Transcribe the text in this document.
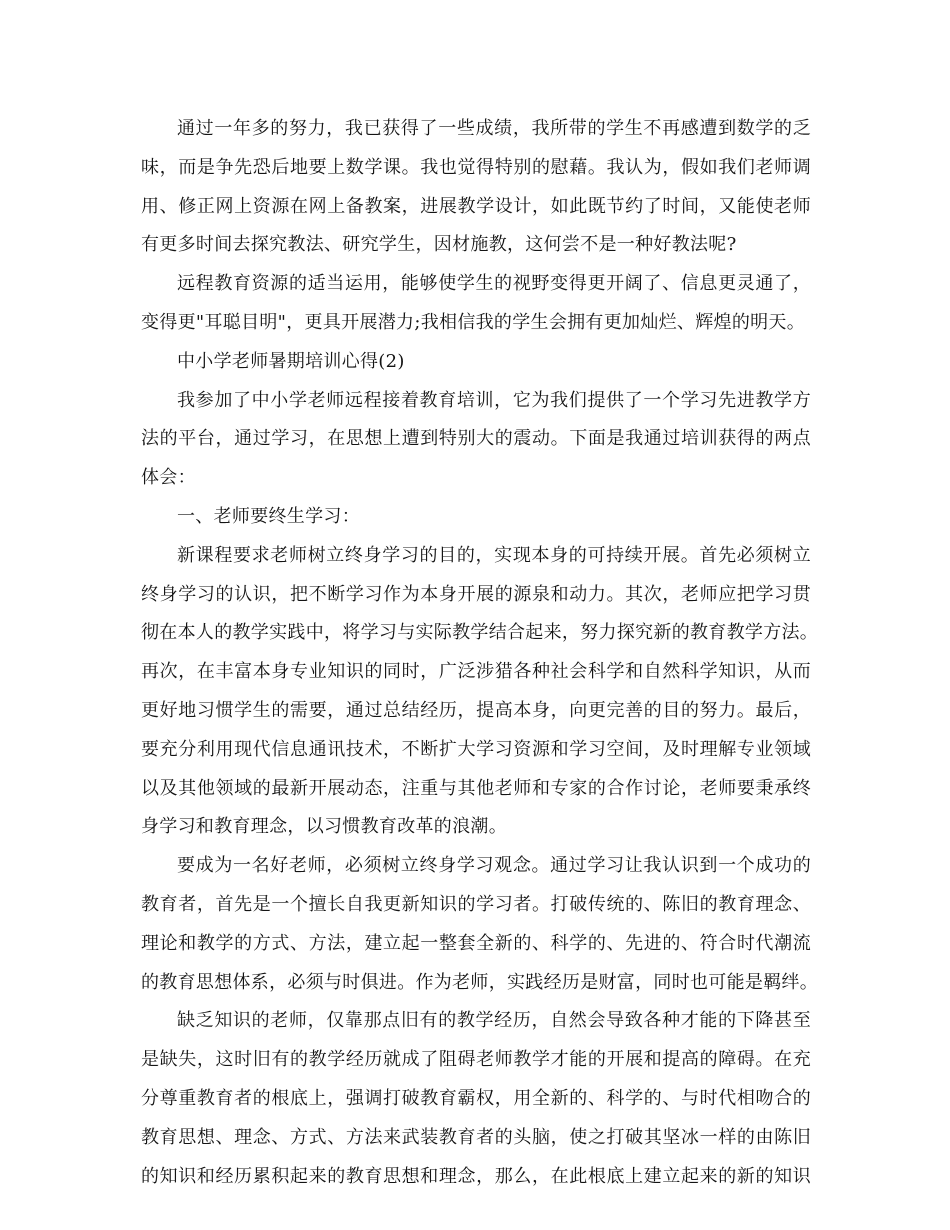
通过一年多的努力，我已获得了一些成绩，我所带的学生不再感遭到数学的乏
味，而是争先恐后地要上数学课。我也觉得特别的慰藉。我认为，假如我们老师调
用、修正网上资源在网上备教案，进展教学设计，如此既节约了时间，又能使老师
有更多时间去探究教法、研究学生，因材施教，这何尝不是一种好教法呢?
远程教育资源的适当运用，能够使学生的视野变得更开阔了、信息更灵通了，
变得更"耳聪目明"，更具开展潜力;我相信我的学生会拥有更加灿烂、辉煌的明天。
中小学老师暑期培训心得(2)
我参加了中小学老师远程接着教育培训，它为我们提供了一个学习先进教学方
法的平台，通过学习，在思想上遭到特别大的震动。下面是我通过培训获得的两点
体会：
一、老师要终生学习：
新课程要求老师树立终身学习的目的，实现本身的可持续开展。首先必须树立
终身学习的认识，把不断学习作为本身开展的源泉和动力。其次，老师应把学习贯
彻在本人的教学实践中，将学习与实际教学结合起来，努力探究新的教育教学方法。
再次，在丰富本身专业知识的同时，广泛涉猎各种社会科学和自然科学知识，从而
更好地习惯学生的需要，通过总结经历，提高本身，向更完善的目的努力。最后，
要充分利用现代信息通讯技术，不断扩大学习资源和学习空间，及时理解专业领域
以及其他领域的最新开展动态，注重与其他老师和专家的合作讨论，老师要秉承终
身学习和教育理念，以习惯教育改革的浪潮。
要成为一名好老师，必须树立终身学习观念。通过学习让我认识到一个成功的
教育者，首先是一个擅长自我更新知识的学习者。打破传统的、陈旧的教育理念、
理论和教学的方式、方法，建立起一整套全新的、科学的、先进的、符合时代潮流
的教育思想体系，必须与时俱进。作为老师，实践经历是财富，同时也可能是羁绊。
缺乏知识的老师，仅靠那点旧有的教学经历，自然会导致各种才能的下降甚至
是缺失，这时旧有的教学经历就成了阻碍老师教学才能的开展和提高的障碍。在充
分尊重教育者的根底上，强调打破教育霸权，用全新的、科学的、与时代相吻合的
教育思想、理念、方式、方法来武装教育者的头脑，使之打破其坚冰一样的由陈旧
的知识和经历累积起来的教育思想和理念，那么，在此根底上建立起来的新的知识
